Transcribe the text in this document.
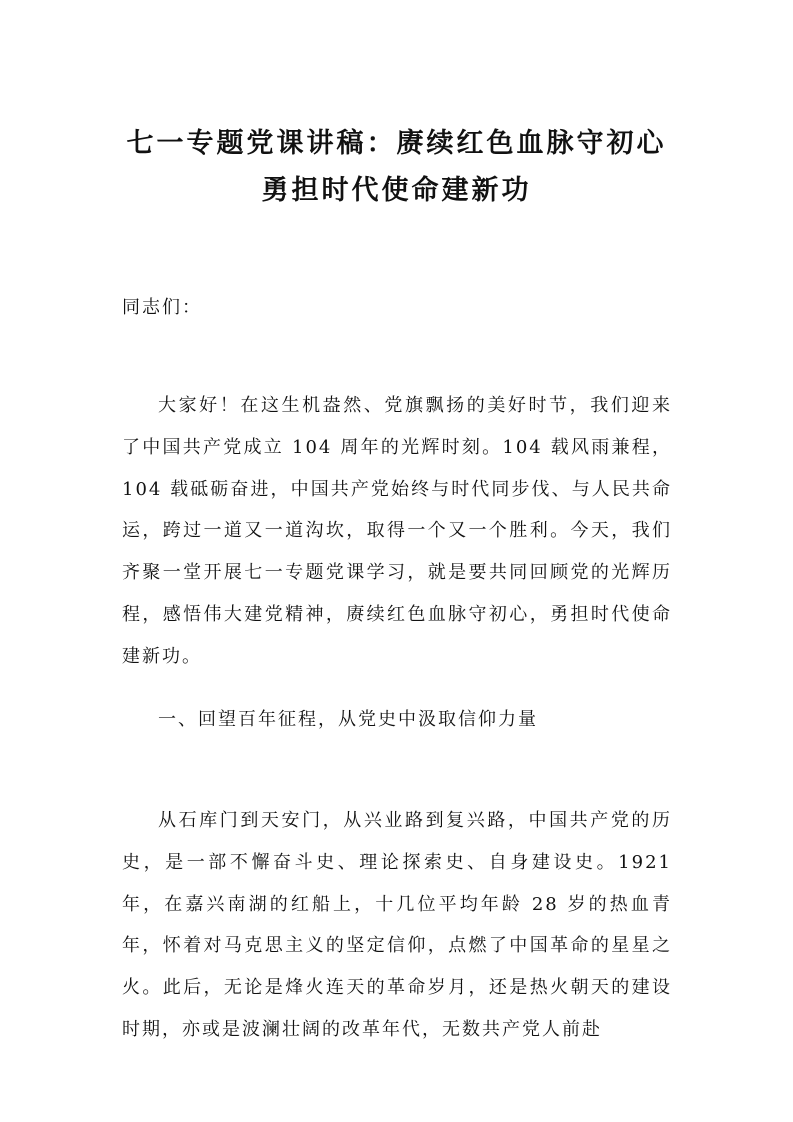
七一专题党课讲稿：赓续红色血脉守初心
勇担时代使命建新功
同志们：

大家好！在这生机盎然、党旗飘扬的美好时节，我们迎来了中国共产党成立 104 周年的光辉时刻。104 载风雨兼程，104 载砥砺奋进，中国共产党始终与时代同步伐、与人民共命运，跨过一道又一道沟坎，取得一个又一个胜利。今天，我们齐聚一堂开展七一专题党课学习，就是要共同回顾党的光辉历程，感悟伟大建党精神，赓续红色血脉守初心，勇担时代使命建新功。

一、回望百年征程，从党史中汲取信仰力量

从石库门到天安门，从兴业路到复兴路，中国共产党的历史，是一部不懈奋斗史、理论探索史、自身建设史。1921 年，在嘉兴南湖的红船上，十几位平均年龄 28 岁的热血青年，怀着对马克思主义的坚定信仰，点燃了中国革命的星星之火。此后，无论是烽火连天的革命岁月，还是热火朝天的建设时期，亦或是波澜壮阔的改革年代，无数共产党人前赴
